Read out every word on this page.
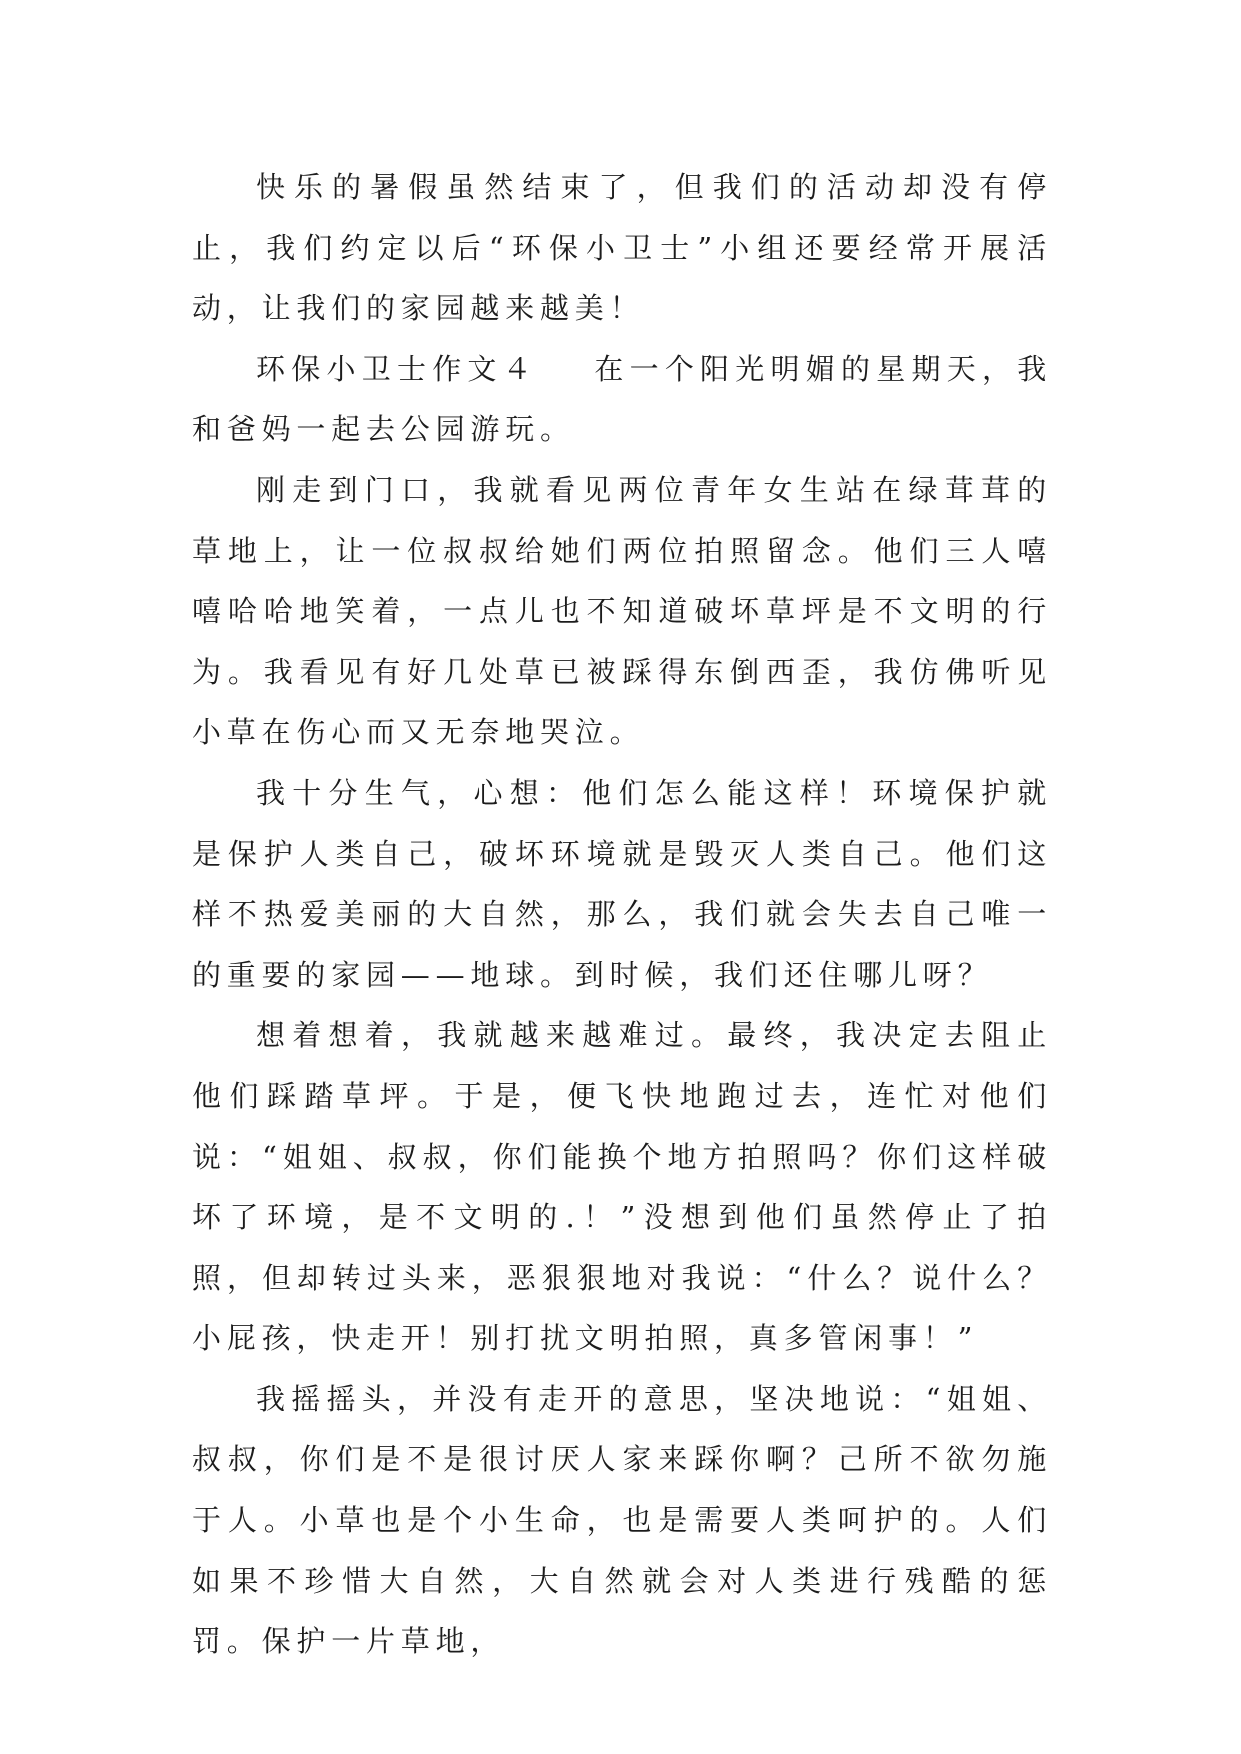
快乐的暑假虽然结束了，但我们的活动却没有停止，我们约定以后“环保小卫士”小组还要经常开展活动，让我们的家园越来越美！

环保小卫士作文４ 在一个阳光明媚的星期天，我和爸妈一起去公园游玩。

刚走到门口，我就看见两位青年女生站在绿茸茸的草地上，让一位叔叔给她们两位拍照留念。他们三人嘻嘻哈哈地笑着，一点儿也不知道破坏草坪是不文明的行为。我看见有好几处草已被踩得东倒西歪，我仿佛听见小草在伤心而又无奈地哭泣。

我十分生气，心想：他们怎么能这样！环境保护就是保护人类自己，破坏环境就是毁灭人类自己。他们这样不热爱美丽的大自然，那么，我们就会失去自己唯一的重要的家园——地球。到时候，我们还住哪儿呀？

想着想着，我就越来越难过。最终，我决定去阻止他们踩踏草坪。于是，便飞快地跑过去，连忙对他们说：“姐姐、叔叔，你们能换个地方拍照吗？你们这样破坏了环境，是不文明的.！”没想到他们虽然停止了拍照，但却转过头来，恶狠狠地对我说：“什么？说什么？小屁孩，快走开！别打扰文明拍照，真多管闲事！”

我摇摇头，并没有走开的意思，坚决地说：“姐姐、叔叔，你们是不是很讨厌人家来踩你啊？己所不欲勿施于人。小草也是个小生命，也是需要人类呵护的。人们如果不珍惜大自然，大自然就会对人类进行残酷的惩罚。保护一片草地，
